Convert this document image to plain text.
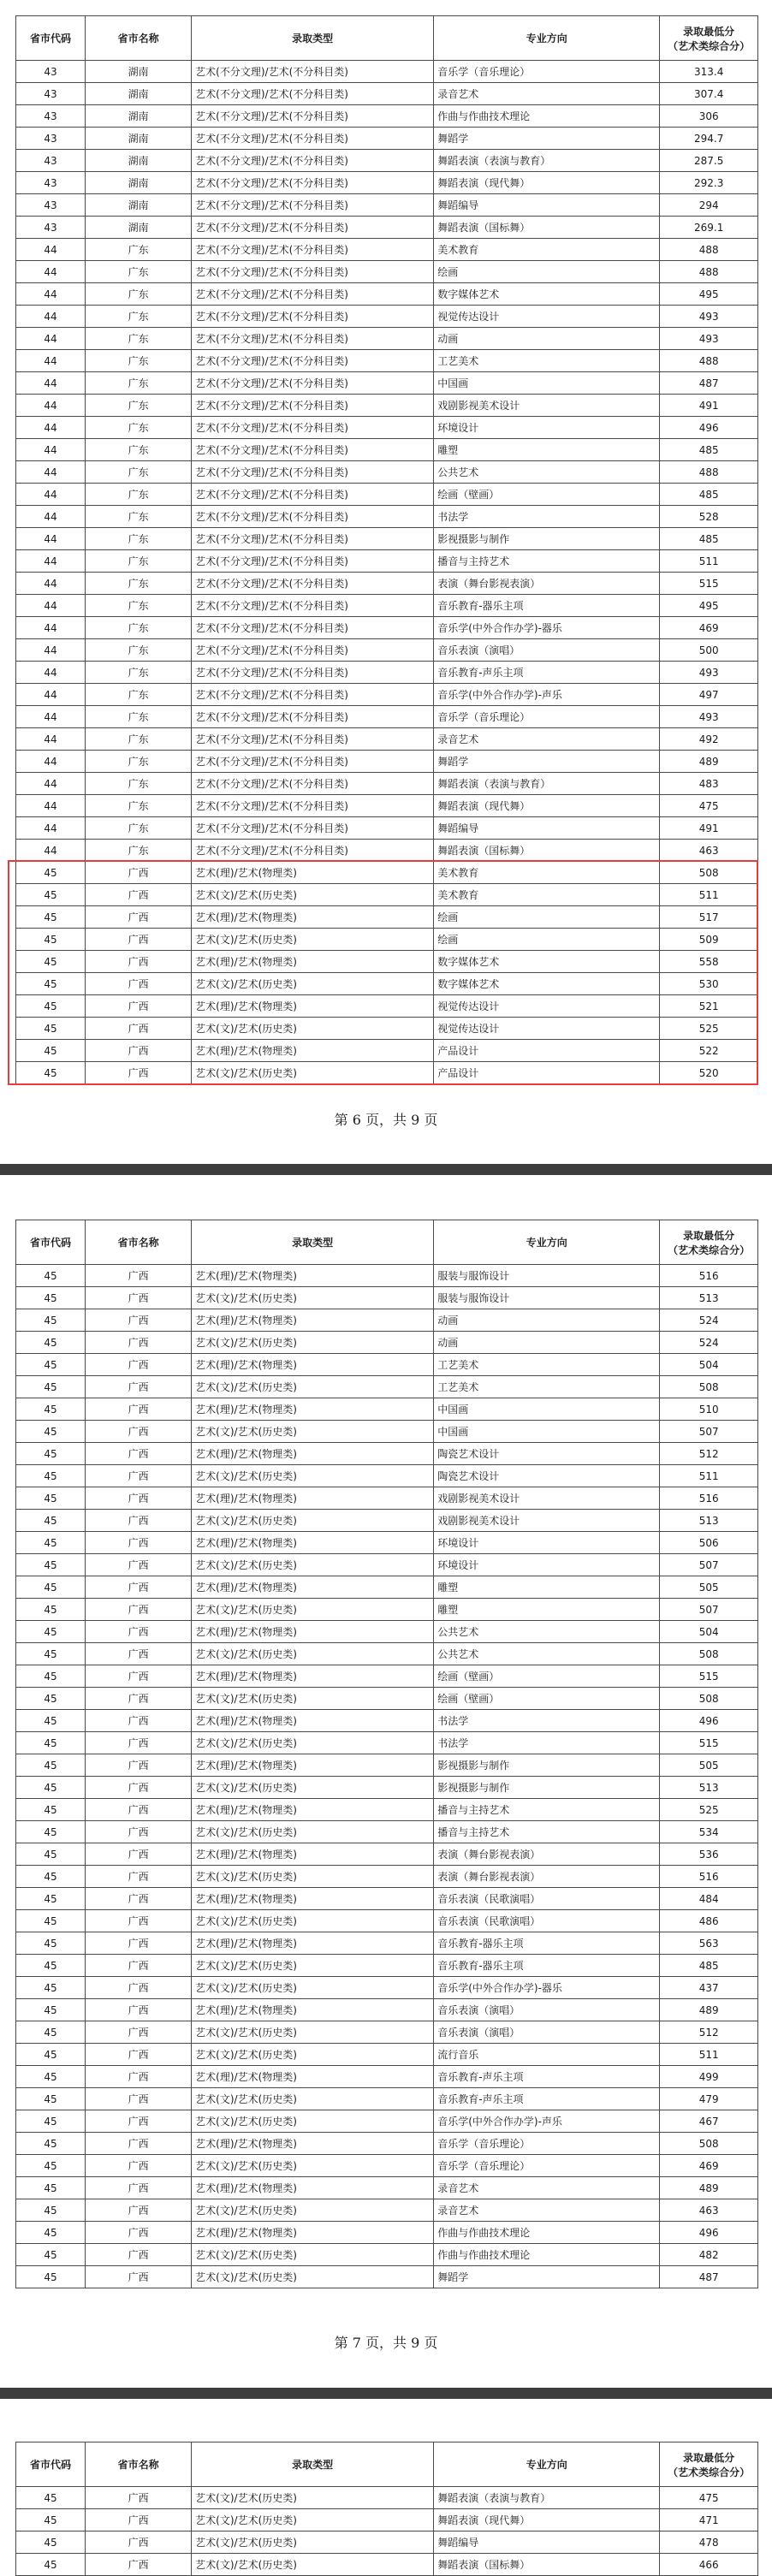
省市代码	省市名称	录取类型	专业方向	录取最低分
（艺术类综合分）

43	湖南	艺术(不分文理)/艺术(不分科目类)	音乐学（音乐理论）	313.4
43	湖南	艺术(不分文理)/艺术(不分科目类)	录音艺术	307.4
43	湖南	艺术(不分文理)/艺术(不分科目类)	作曲与作曲技术理论	306
43	湖南	艺术(不分文理)/艺术(不分科目类)	舞蹈学	294.7
43	湖南	艺术(不分文理)/艺术(不分科目类)	舞蹈表演（表演与教育）	287.5
43	湖南	艺术(不分文理)/艺术(不分科目类)	舞蹈表演（现代舞）	292.3
43	湖南	艺术(不分文理)/艺术(不分科目类)	舞蹈编导	294
43	湖南	艺术(不分文理)/艺术(不分科目类)	舞蹈表演（国标舞）	269.1
44	广东	艺术(不分文理)/艺术(不分科目类)	美术教育	488
44	广东	艺术(不分文理)/艺术(不分科目类)	绘画	488
44	广东	艺术(不分文理)/艺术(不分科目类)	数字媒体艺术	495
44	广东	艺术(不分文理)/艺术(不分科目类)	视觉传达设计	493
44	广东	艺术(不分文理)/艺术(不分科目类)	动画	493
44	广东	艺术(不分文理)/艺术(不分科目类)	工艺美术	488
44	广东	艺术(不分文理)/艺术(不分科目类)	中国画	487
44	广东	艺术(不分文理)/艺术(不分科目类)	戏剧影视美术设计	491
44	广东	艺术(不分文理)/艺术(不分科目类)	环境设计	496
44	广东	艺术(不分文理)/艺术(不分科目类)	雕塑	485
44	广东	艺术(不分文理)/艺术(不分科目类)	公共艺术	488
44	广东	艺术(不分文理)/艺术(不分科目类)	绘画（壁画）	485
44	广东	艺术(不分文理)/艺术(不分科目类)	书法学	528
44	广东	艺术(不分文理)/艺术(不分科目类)	影视摄影与制作	485
44	广东	艺术(不分文理)/艺术(不分科目类)	播音与主持艺术	511
44	广东	艺术(不分文理)/艺术(不分科目类)	表演（舞台影视表演）	515
44	广东	艺术(不分文理)/艺术(不分科目类)	音乐教育-器乐主项	495
44	广东	艺术(不分文理)/艺术(不分科目类)	音乐学(中外合作办学)-器乐	469
44	广东	艺术(不分文理)/艺术(不分科目类)	音乐表演（演唱）	500
44	广东	艺术(不分文理)/艺术(不分科目类)	音乐教育-声乐主项	493
44	广东	艺术(不分文理)/艺术(不分科目类)	音乐学(中外合作办学)-声乐	497
44	广东	艺术(不分文理)/艺术(不分科目类)	音乐学（音乐理论）	493
44	广东	艺术(不分文理)/艺术(不分科目类)	录音艺术	492
44	广东	艺术(不分文理)/艺术(不分科目类)	舞蹈学	489
44	广东	艺术(不分文理)/艺术(不分科目类)	舞蹈表演（表演与教育）	483
44	广东	艺术(不分文理)/艺术(不分科目类)	舞蹈表演（现代舞）	475
44	广东	艺术(不分文理)/艺术(不分科目类)	舞蹈编导	491
44	广东	艺术(不分文理)/艺术(不分科目类)	舞蹈表演（国标舞）	463
45	广西	艺术(理)/艺术(物理类)	美术教育	508
45	广西	艺术(文)/艺术(历史类)	美术教育	511
45	广西	艺术(理)/艺术(物理类)	绘画	517
45	广西	艺术(文)/艺术(历史类)	绘画	509
45	广西	艺术(理)/艺术(物理类)	数字媒体艺术	558
45	广西	艺术(文)/艺术(历史类)	数字媒体艺术	530
45	广西	艺术(理)/艺术(物理类)	视觉传达设计	521
45	广西	艺术(文)/艺术(历史类)	视觉传达设计	525
45	广西	艺术(理)/艺术(物理类)	产品设计	522
45	广西	艺术(文)/艺术(历史类)	产品设计	520
第 6 页，共 9 页
省市代码	省市名称	录取类型	专业方向	录取最低分
（艺术类综合分）

45	广西	艺术(理)/艺术(物理类)	服装与服饰设计	516
45	广西	艺术(文)/艺术(历史类)	服装与服饰设计	513
45	广西	艺术(理)/艺术(物理类)	动画	524
45	广西	艺术(文)/艺术(历史类)	动画	524
45	广西	艺术(理)/艺术(物理类)	工艺美术	504
45	广西	艺术(文)/艺术(历史类)	工艺美术	508
45	广西	艺术(理)/艺术(物理类)	中国画	510
45	广西	艺术(文)/艺术(历史类)	中国画	507
45	广西	艺术(理)/艺术(物理类)	陶瓷艺术设计	512
45	广西	艺术(文)/艺术(历史类)	陶瓷艺术设计	511
45	广西	艺术(理)/艺术(物理类)	戏剧影视美术设计	516
45	广西	艺术(文)/艺术(历史类)	戏剧影视美术设计	513
45	广西	艺术(理)/艺术(物理类)	环境设计	506
45	广西	艺术(文)/艺术(历史类)	环境设计	507
45	广西	艺术(理)/艺术(物理类)	雕塑	505
45	广西	艺术(文)/艺术(历史类)	雕塑	507
45	广西	艺术(理)/艺术(物理类)	公共艺术	504
45	广西	艺术(文)/艺术(历史类)	公共艺术	508
45	广西	艺术(理)/艺术(物理类)	绘画（壁画）	515
45	广西	艺术(文)/艺术(历史类)	绘画（壁画）	508
45	广西	艺术(理)/艺术(物理类)	书法学	496
45	广西	艺术(文)/艺术(历史类)	书法学	515
45	广西	艺术(理)/艺术(物理类)	影视摄影与制作	505
45	广西	艺术(文)/艺术(历史类)	影视摄影与制作	513
45	广西	艺术(理)/艺术(物理类)	播音与主持艺术	525
45	广西	艺术(文)/艺术(历史类)	播音与主持艺术	534
45	广西	艺术(理)/艺术(物理类)	表演（舞台影视表演）	536
45	广西	艺术(文)/艺术(历史类)	表演（舞台影视表演）	516
45	广西	艺术(理)/艺术(物理类)	音乐表演（民歌演唱）	484
45	广西	艺术(文)/艺术(历史类)	音乐表演（民歌演唱）	486
45	广西	艺术(理)/艺术(物理类)	音乐教育-器乐主项	563
45	广西	艺术(文)/艺术(历史类)	音乐教育-器乐主项	485
45	广西	艺术(文)/艺术(历史类)	音乐学(中外合作办学)-器乐	437
45	广西	艺术(理)/艺术(物理类)	音乐表演（演唱）	489
45	广西	艺术(文)/艺术(历史类)	音乐表演（演唱）	512
45	广西	艺术(文)/艺术(历史类)	流行音乐	511
45	广西	艺术(理)/艺术(物理类)	音乐教育-声乐主项	499
45	广西	艺术(文)/艺术(历史类)	音乐教育-声乐主项	479
45	广西	艺术(文)/艺术(历史类)	音乐学(中外合作办学)-声乐	467
45	广西	艺术(理)/艺术(物理类)	音乐学（音乐理论）	508
45	广西	艺术(文)/艺术(历史类)	音乐学（音乐理论）	469
45	广西	艺术(理)/艺术(物理类)	录音艺术	489
45	广西	艺术(文)/艺术(历史类)	录音艺术	463
45	广西	艺术(理)/艺术(物理类)	作曲与作曲技术理论	496
45	广西	艺术(文)/艺术(历史类)	作曲与作曲技术理论	482
45	广西	艺术(文)/艺术(历史类)	舞蹈学	487
第 7 页，共 9 页
省市代码	省市名称	录取类型	专业方向	录取最低分
（艺术类综合分）

45	广西	艺术(文)/艺术(历史类)	舞蹈表演（表演与教育）	475
45	广西	艺术(文)/艺术(历史类)	舞蹈表演（现代舞）	471
45	广西	艺术(文)/艺术(历史类)	舞蹈编导	478
45	广西	艺术(文)/艺术(历史类)	舞蹈表演（国标舞）	466
